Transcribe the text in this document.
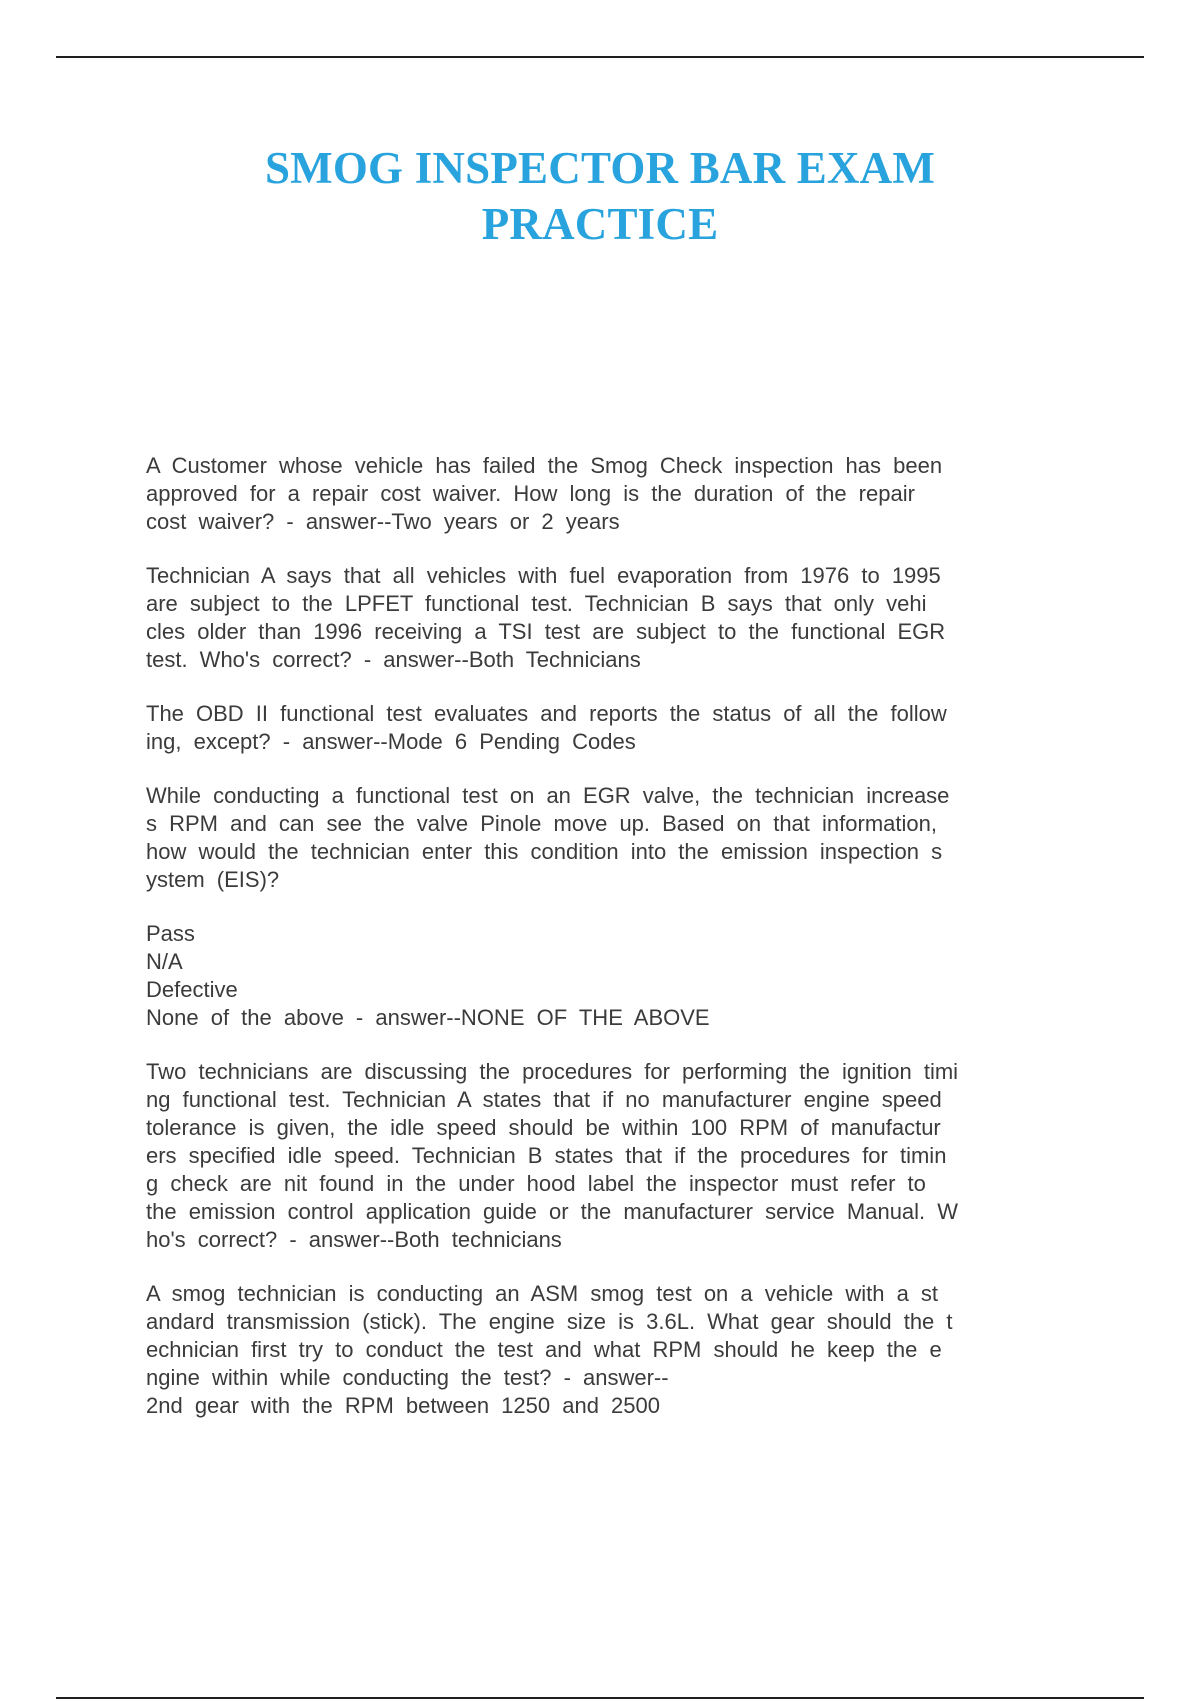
SMOG INSPECTOR BAR EXAM
PRACTICE
A Customer whose vehicle has failed the Smog Check inspection has been
approved for a repair cost waiver. How long is the duration of the repair
cost waiver? - answer--Two years or 2 years
Technician A says that all vehicles with fuel evaporation from 1976 to 1995
are subject to the LPFET functional test. Technician B says that only vehi
cles older than 1996 receiving a TSI test are subject to the functional EGR
test. Who's correct? - answer--Both Technicians
The OBD II functional test evaluates and reports the status of all the follow
ing, except? - answer--Mode 6 Pending Codes
While conducting a functional test on an EGR valve, the technician increase
s RPM and can see the valve Pinole move up. Based on that information,
how would the technician enter this condition into the emission inspection s
ystem (EIS)?
Pass
N/A
Defective
None of the above - answer--NONE OF THE ABOVE
Two technicians are discussing the procedures for performing the ignition timi
ng functional test. Technician A states that if no manufacturer engine speed
tolerance is given, the idle speed should be within 100 RPM of manufactur
ers specified idle speed. Technician B states that if the procedures for timin
g check are nit found in the under hood label the inspector must refer to
the emission control application guide or the manufacturer service Manual. W
ho's correct? - answer--Both technicians
A smog technician is conducting an ASM smog test on a vehicle with a st
andard transmission (stick). The engine size is 3.6L. What gear should the t
echnician first try to conduct the test and what RPM should he keep the e
ngine within while conducting the test? - answer--
2nd gear with the RPM between 1250 and 2500
